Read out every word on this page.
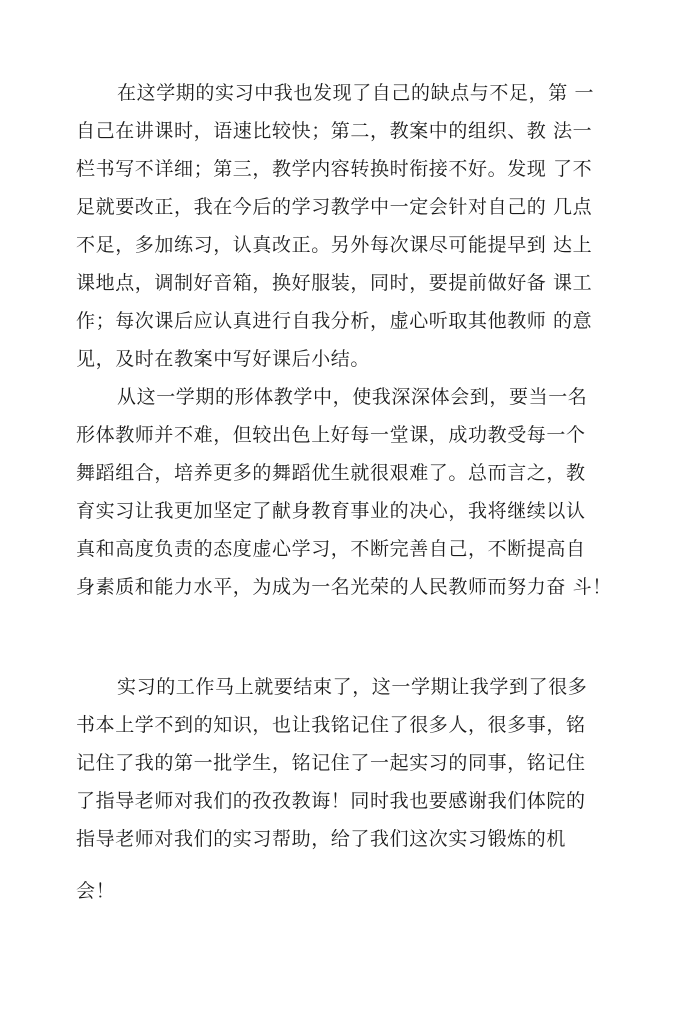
在这学期的实习中我也发现了自己的缺点与不足，第 一
自己在讲课时，语速比较快；第二，教案中的组织、教 法一
栏书写不详细；第三，教学内容转换时衔接不好。发现 了不
足就要改正，我在今后的学习教学中一定会针对自己的 几点
不足，多加练习，认真改正。另外每次课尽可能提早到 达上
课地点，调制好音箱，换好服装，同时，要提前做好备 课工
作；每次课后应认真进行自我分析，虚心听取其他教师 的意
见，及时在教案中写好课后小结。
从这一学期的形体教学中，使我深深体会到，要当一名
形体教师并不难，但较出色上好每一堂课，成功教受每一个
舞蹈组合，培养更多的舞蹈优生就很艰难了。总而言之，教
育实习让我更加坚定了献身教育事业的决心，我将继续以认
真和高度负责的态度虚心学习，不断完善自己，不断提高自
身素质和能力水平，为成为一名光荣的人民教师而努力奋 斗！
实习的工作马上就要结束了，这一学期让我学到了很多
书本上学不到的知识，也让我铭记住了很多人，很多事，铭
记住了我的第一批学生，铭记住了一起实习的同事，铭记住
了指导老师对我们的孜孜教诲！同时我也要感谢我们体院的
指导老师对我们的实习帮助，给了我们这次实习锻炼的机
会！
